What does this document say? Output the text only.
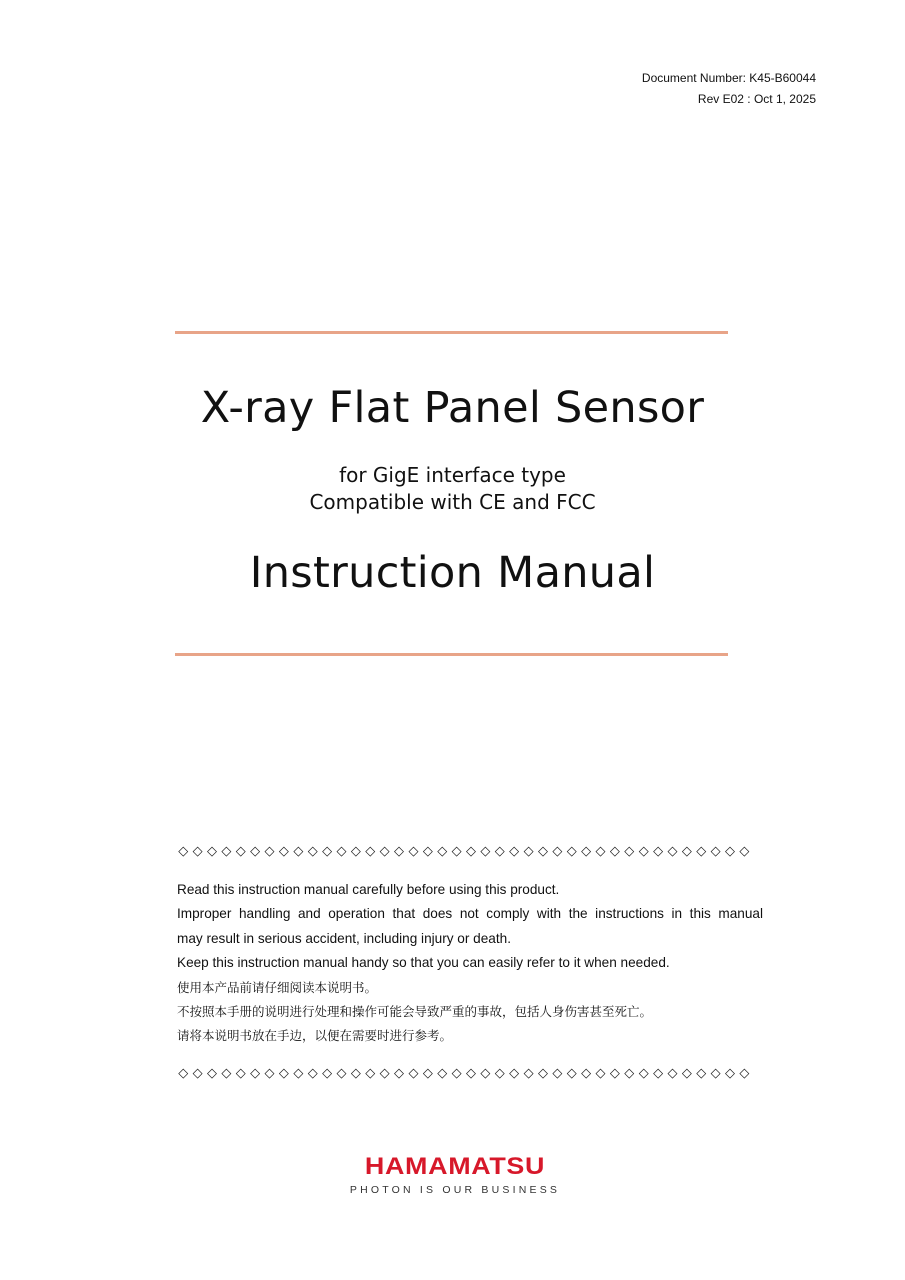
Document Number: K45-B60044
Rev E02 : Oct 1, 2025
X-ray Flat Panel Sensor
for GigE interface type
Compatible with CE and FCC
Instruction Manual
◇ ◇ ◇ ◇ ◇ ◇ ◇ ◇ ◇ ◇ ◇ ◇ ◇ ◇ ◇ ◇ ◇ ◇ ◇ ◇ ◇ ◇ ◇ ◇ ◇ ◇ ◇ ◇ ◇ ◇ ◇ ◇ ◇ ◇ ◇ ◇ ◇ ◇ ◇ ◇
Read this instruction manual carefully before using this product.
Improper handling and operation that does not comply with the instructions in this manual
may result in serious accident, including injury or death.
Keep this instruction manual handy so that you can easily refer to it when needed.
使用本产品前请仔细阅读本说明书。
不按照本手册的说明进行处理和操作可能会导致严重的事故，包括人身伤害甚至死亡。
请将本说明书放在手边，以便在需要时进行参考。
◇ ◇ ◇ ◇ ◇ ◇ ◇ ◇ ◇ ◇ ◇ ◇ ◇ ◇ ◇ ◇ ◇ ◇ ◇ ◇ ◇ ◇ ◇ ◇ ◇ ◇ ◇ ◇ ◇ ◇ ◇ ◇ ◇ ◇ ◇ ◇ ◇ ◇ ◇ ◇
HAMAMATSU
PHOTON IS OUR BUSINESS
